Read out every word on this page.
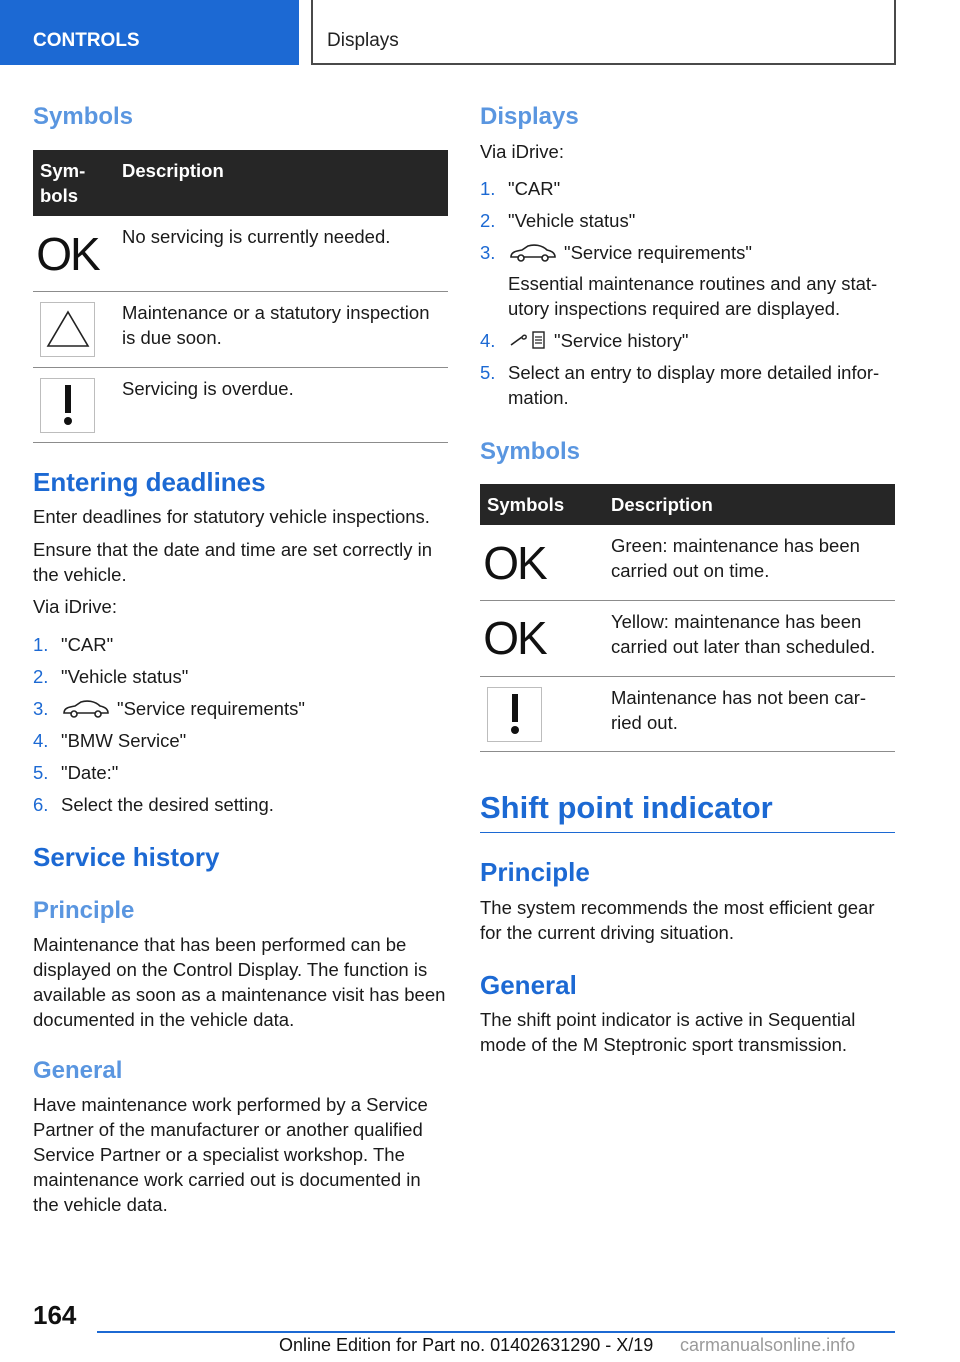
CONTROLS	Displays
Symbols
Sym‐
bols	Description

OK	No servicing is currently needed.

	Maintenance or a statutory inspection is due soon.

	Servicing is overdue.
Entering deadlines

Enter deadlines for statutory vehicle inspections.

Ensure that the date and time are set correctly in the vehicle.

Via iDrive:

1. "CAR"
2. "Vehicle status"
3.	"Service requirements"
4. "BMW Service"
5. "Date:"
6. Select the desired setting.
Service history
Principle

Maintenance that has been performed can be displayed on the Control Display. The function is available as soon as a maintenance visit has been documented in the vehicle data.

General

Have maintenance work performed by a Service Partner of the manufacturer or another qualified Service Partner or a specialist workshop. The maintenance work carried out is documented in the vehicle data.

Displays

Via iDrive:

1. "CAR"
2. "Vehicle status"
3.	"Service requirements"

Essential maintenance routines and any stat‐utory inspections required are displayed.
4.	"Service history"
5. Select an entry to display more detailed infor‐mation.
Symbols
Symbols	Description

OK	Green: maintenance has been carried out on time.

OK	Yellow: maintenance has been carried out later than scheduled.

	Maintenance has not been car‐ried out.
Shift point indicator
Principle

The system recommends the most efficient gear for the current driving situation.

General

The shift point indicator is active in Sequential mode of the M Steptronic sport transmission.

164
Online Edition for Part no. 01402631290 - X/19 carmanualsonline.info
